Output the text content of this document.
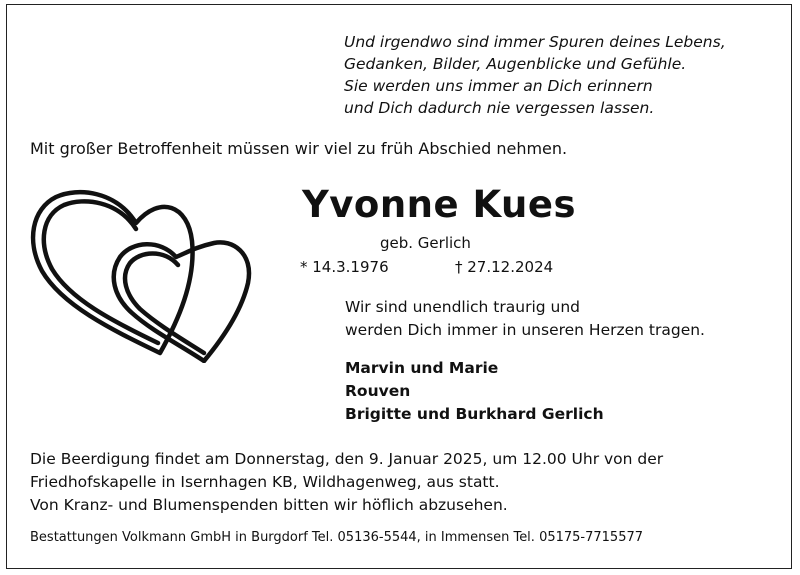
Und irgendwo sind immer Spuren deines Lebens,
Gedanken, Bilder, Augenblicke und Gefühle.
Sie werden uns immer an Dich erinnern
und Dich dadurch nie vergessen lassen.
Mit großer Betroffenheit müssen wir viel zu früh Abschied nehmen.
Yvonne Kues
geb. Gerlich
* 14.3.1976	† 27.12.2024
Wir sind unendlich traurig und
werden Dich immer in unseren Herzen tragen.
Marvin und Marie
Rouven
Brigitte und Burkhard Gerlich
Die Beerdigung findet am Donnerstag, den 9. Januar 2025, um 12.00 Uhr von der
Friedhofskapelle in Isernhagen KB, Wildhagenweg, aus statt.
Von Kranz- und Blumenspenden bitten wir höflich abzusehen.
Bestattungen Volkmann GmbH in Burgdorf Tel. 05136-5544, in Immensen Tel. 05175-7715577
